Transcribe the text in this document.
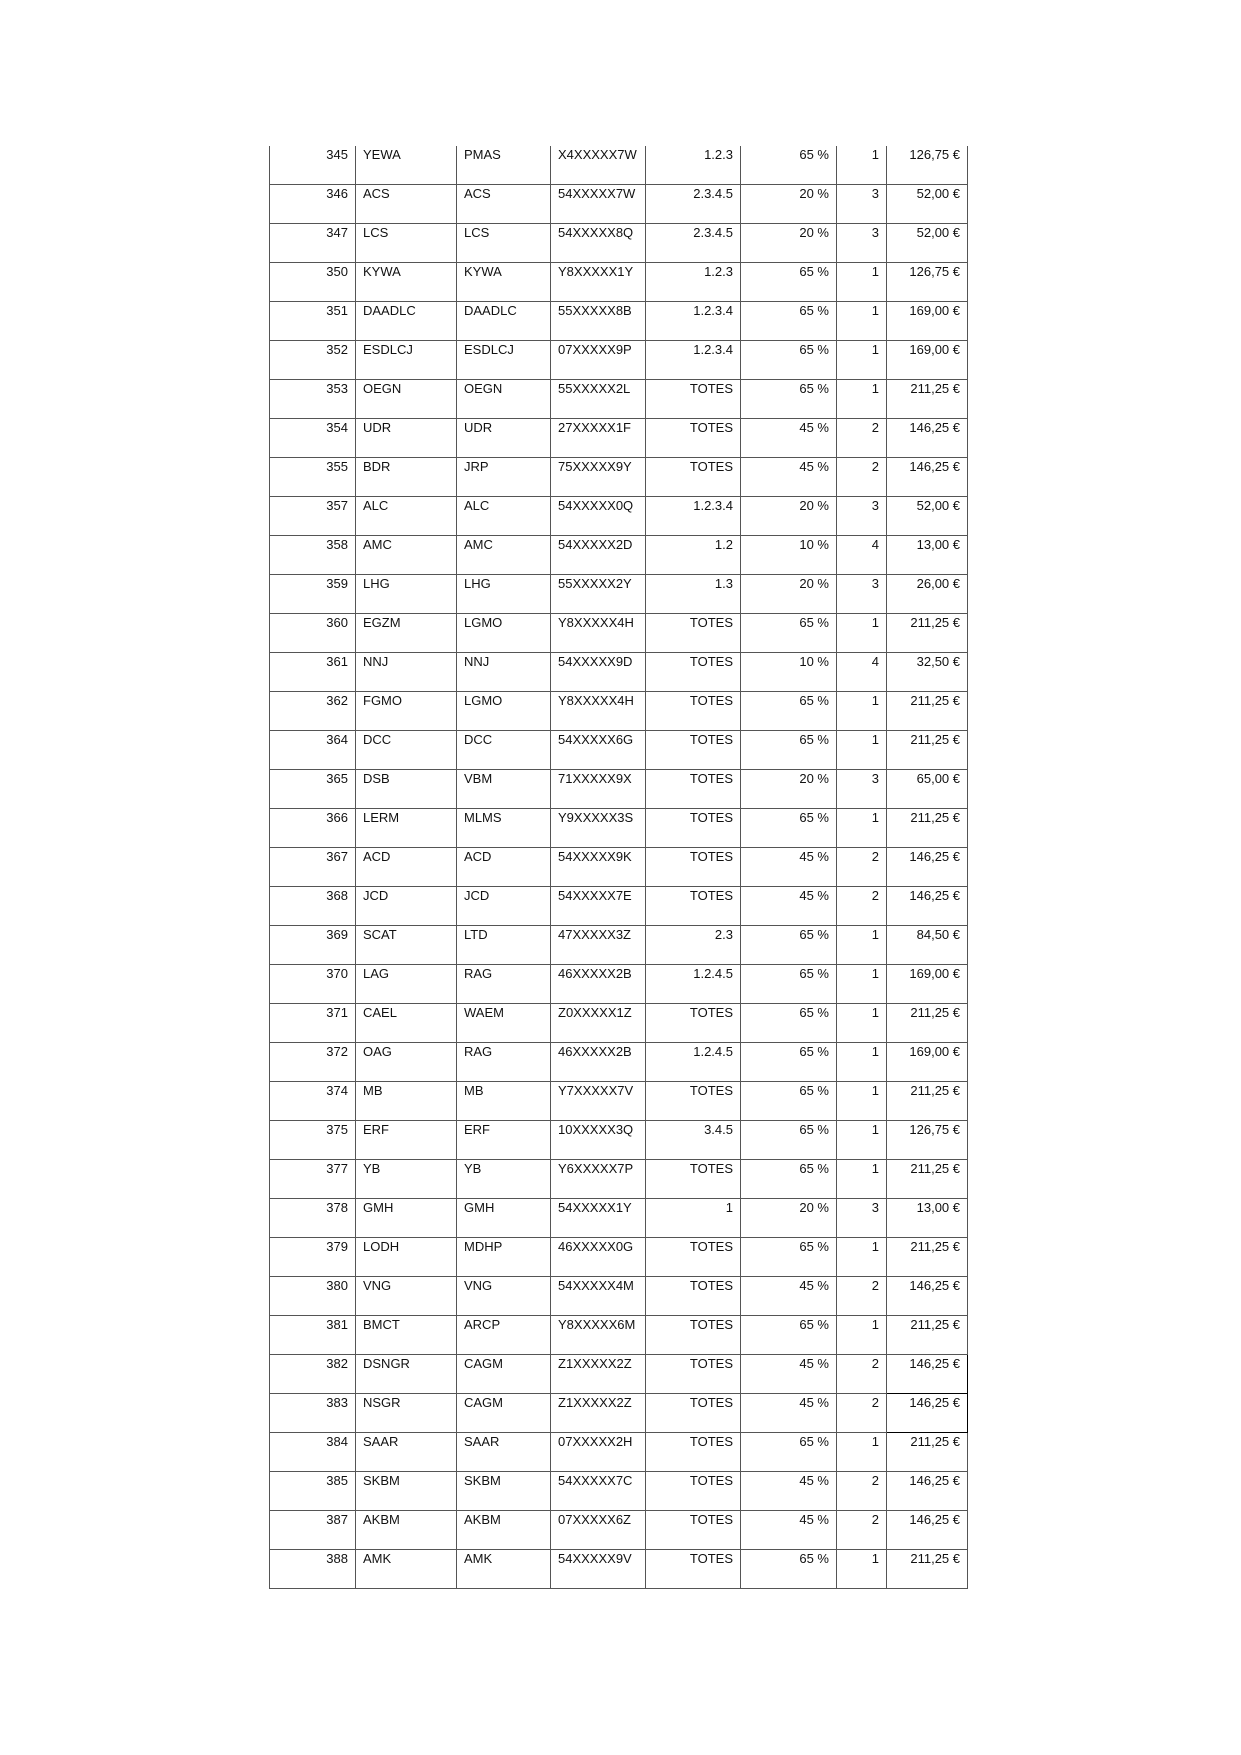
345	YEWA	PMAS	X4XXXXX7W	1.2.3	65 %	1	126,75 €
346	ACS	ACS	54XXXXX7W	2.3.4.5	20 %	3	52,00 €
347	LCS	LCS	54XXXXX8Q	2.3.4.5	20 %	3	52,00 €
350	KYWA	KYWA	Y8XXXXX1Y	1.2.3	65 %	1	126,75 €
351	DAADLC	DAADLC	55XXXXX8B	1.2.3.4	65 %	1	169,00 €
352	ESDLCJ	ESDLCJ	07XXXXX9P	1.2.3.4	65 %	1	169,00 €
353	OEGN	OEGN	55XXXXX2L	TOTES	65 %	1	211,25 €
354	UDR	UDR	27XXXXX1F	TOTES	45 %	2	146,25 €
355	BDR	JRP	75XXXXX9Y	TOTES	45 %	2	146,25 €
357	ALC	ALC	54XXXXX0Q	1.2.3.4	20 %	3	52,00 €
358	AMC	AMC	54XXXXX2D	1.2	10 %	4	13,00 €
359	LHG	LHG	55XXXXX2Y	1.3	20 %	3	26,00 €
360	EGZM	LGMO	Y8XXXXX4H	TOTES	65 %	1	211,25 €
361	NNJ	NNJ	54XXXXX9D	TOTES	10 %	4	32,50 €
362	FGMO	LGMO	Y8XXXXX4H	TOTES	65 %	1	211,25 €
364	DCC	DCC	54XXXXX6G	TOTES	65 %	1	211,25 €
365	DSB	VBM	71XXXXX9X	TOTES	20 %	3	65,00 €
366	LERM	MLMS	Y9XXXXX3S	TOTES	65 %	1	211,25 €
367	ACD	ACD	54XXXXX9K	TOTES	45 %	2	146,25 €
368	JCD	JCD	54XXXXX7E	TOTES	45 %	2	146,25 €
369	SCAT	LTD	47XXXXX3Z	2.3	65 %	1	84,50 €
370	LAG	RAG	46XXXXX2B	1.2.4.5	65 %	1	169,00 €
371	CAEL	WAEM	Z0XXXXX1Z	TOTES	65 %	1	211,25 €
372	OAG	RAG	46XXXXX2B	1.2.4.5	65 %	1	169,00 €
374	MB	MB	Y7XXXXX7V	TOTES	65 %	1	211,25 €
375	ERF	ERF	10XXXXX3Q	3.4.5	65 %	1	126,75 €
377	YB	YB	Y6XXXXX7P	TOTES	65 %	1	211,25 €
378	GMH	GMH	54XXXXX1Y	1	20 %	3	13,00 €
379	LODH	MDHP	46XXXXX0G	TOTES	65 %	1	211,25 €
380	VNG	VNG	54XXXXX4M	TOTES	45 %	2	146,25 €
381	BMCT	ARCP	Y8XXXXX6M	TOTES	65 %	1	211,25 €
382	DSNGR	CAGM	Z1XXXXX2Z	TOTES	45 %	2	146,25 €
383	NSGR	CAGM	Z1XXXXX2Z	TOTES	45 %	2	146,25 €
384	SAAR	SAAR	07XXXXX2H	TOTES	65 %	1	211,25 €
385	SKBM	SKBM	54XXXXX7C	TOTES	45 %	2	146,25 €
387	AKBM	AKBM	07XXXXX6Z	TOTES	45 %	2	146,25 €
388	AMK	AMK	54XXXXX9V	TOTES	65 %	1	211,25 €
